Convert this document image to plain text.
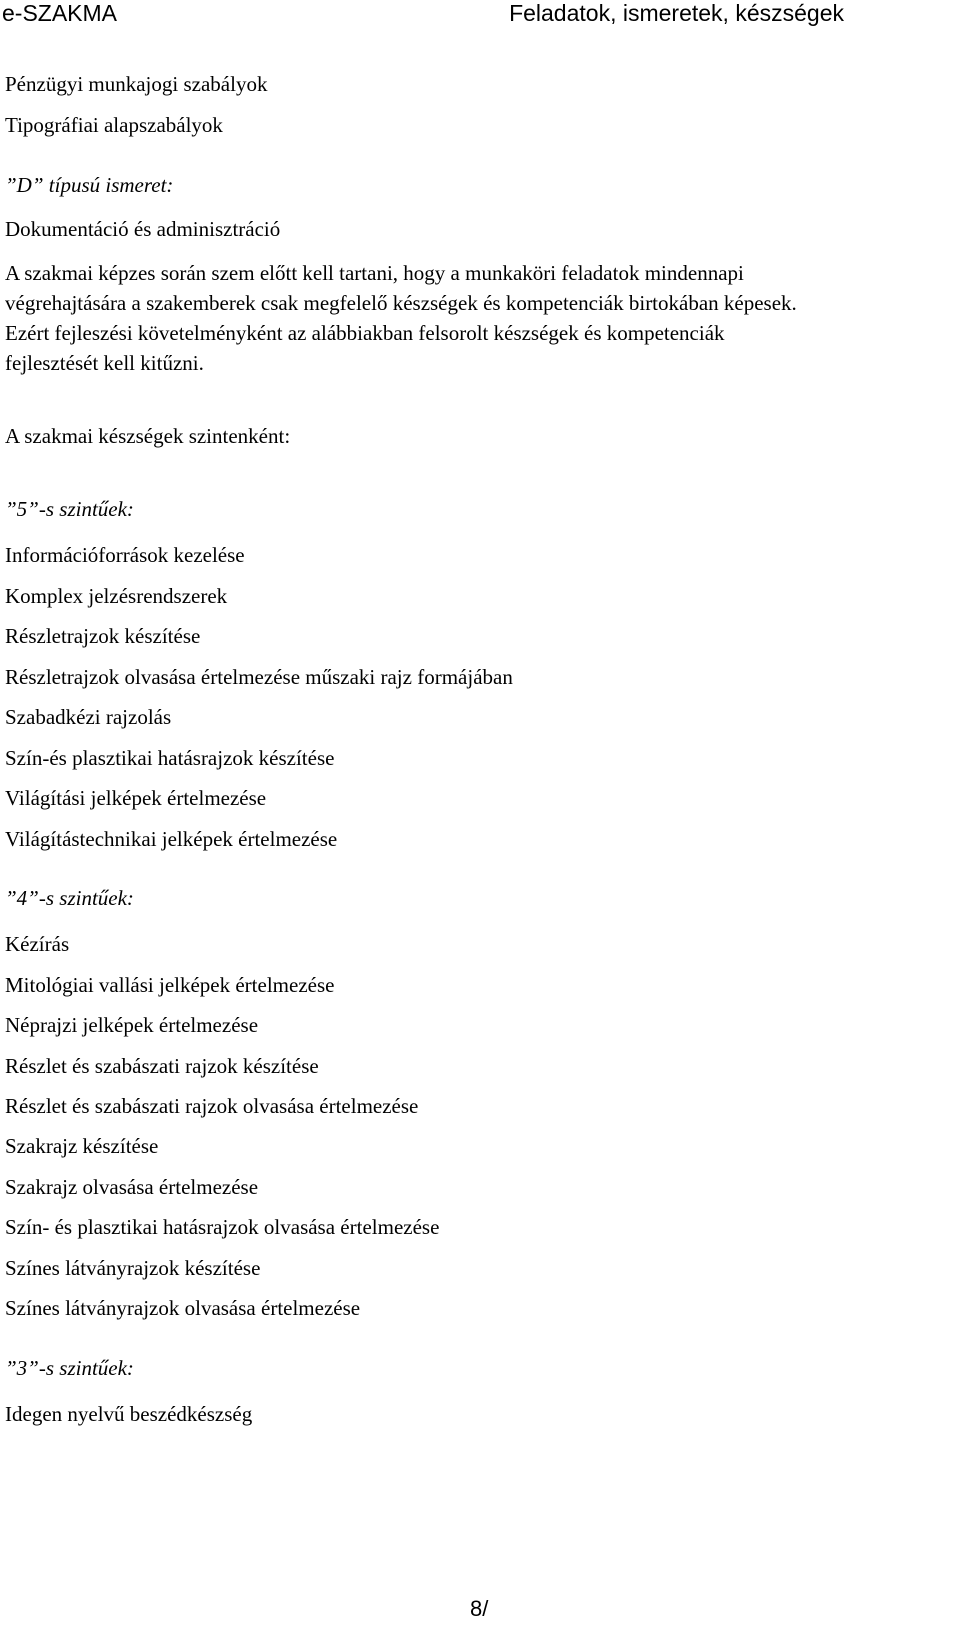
e-SZAKMA	Feladatok, ismeretek, készségek
Pénzügyi munkajogi szabályok
Tipográfiai alapszabályok
”D” típusú ismeret:
Dokumentáció és adminisztráció
A szakmai képzes során szem előtt kell tartani, hogy a munkaköri feladatok mindennapi
végrehajtására a szakemberek csak megfelelő készségek és kompetenciák birtokában képesek.
Ezért fejleszési követelményként az alábbiakban felsorolt készségek és kompetenciák
fejlesztését kell kitűzni.
A szakmai készségek szintenként:
”5”-s szintűek:
Információforrások kezelése
Komplex jelzésrendszerek
Részletrajzok készítése
Részletrajzok olvasása értelmezése műszaki rajz formájában
Szabadkézi rajzolás
Szín-és plasztikai hatásrajzok készítése
Világítási jelképek értelmezése
Világítástechnikai jelképek értelmezése
”4”-s szintűek:
Kézírás
Mitológiai vallási jelképek értelmezése
Néprajzi jelképek értelmezése
Részlet és szabászati rajzok készítése
Részlet és szabászati rajzok olvasása értelmezése
Szakrajz készítése
Szakrajz olvasása értelmezése
Szín- és plasztikai hatásrajzok olvasása értelmezése
Színes látványrajzok készítése
Színes látványrajzok olvasása értelmezése
”3”-s szintűek:
Idegen nyelvű beszédkészség
8/
